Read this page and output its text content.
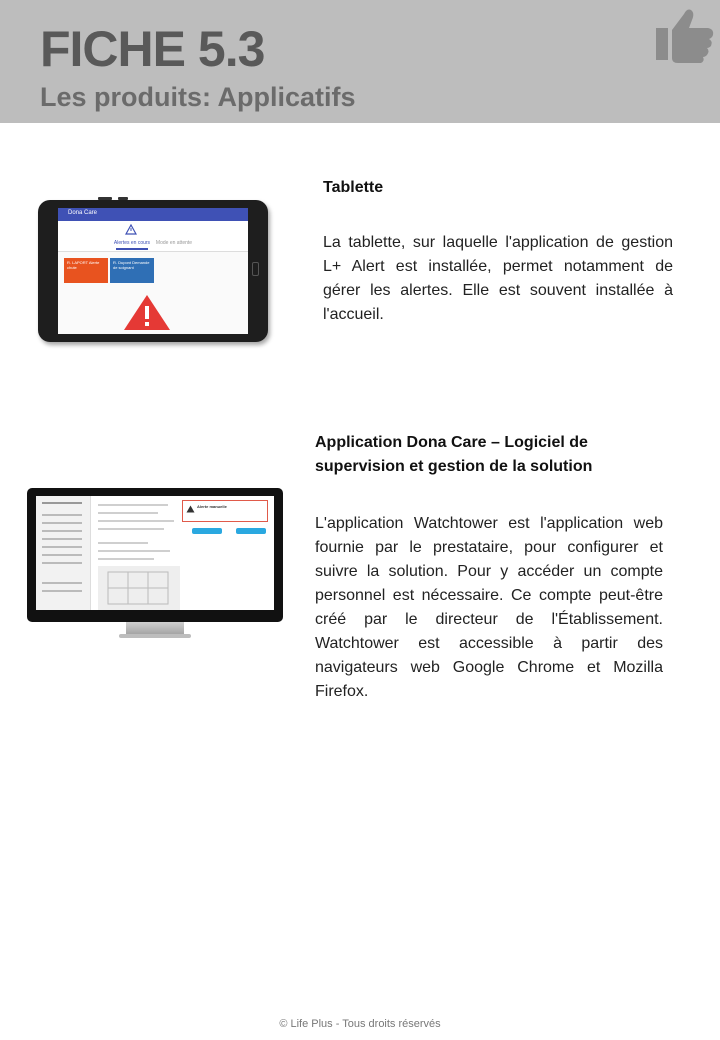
FICHE 5.3
Les produits: Applicatifs
Dona Care
Alertes en cours	Mode en attente
R. LAPORT Alerte chute
R. Dupont Demande de soignant
Tablette
La tablette, sur laquelle l'application de gestion L+ Alert est installée, permet notamment de gérer les alertes. Elle est souvent installée à l'accueil.
Alerte manuelle
Application Dona Care – Logiciel de supervision et gestion de la solution
L'application Watchtower est l'application web fournie par le prestataire, pour configurer et suivre la solution. Pour y accéder un compte personnel est nécessaire. Ce compte peut-être créé par le directeur de l'Établissement. Watchtower est accessible à partir des navigateurs web Google Chrome et Mozilla Firefox.
© Life Plus - Tous droits réservés
